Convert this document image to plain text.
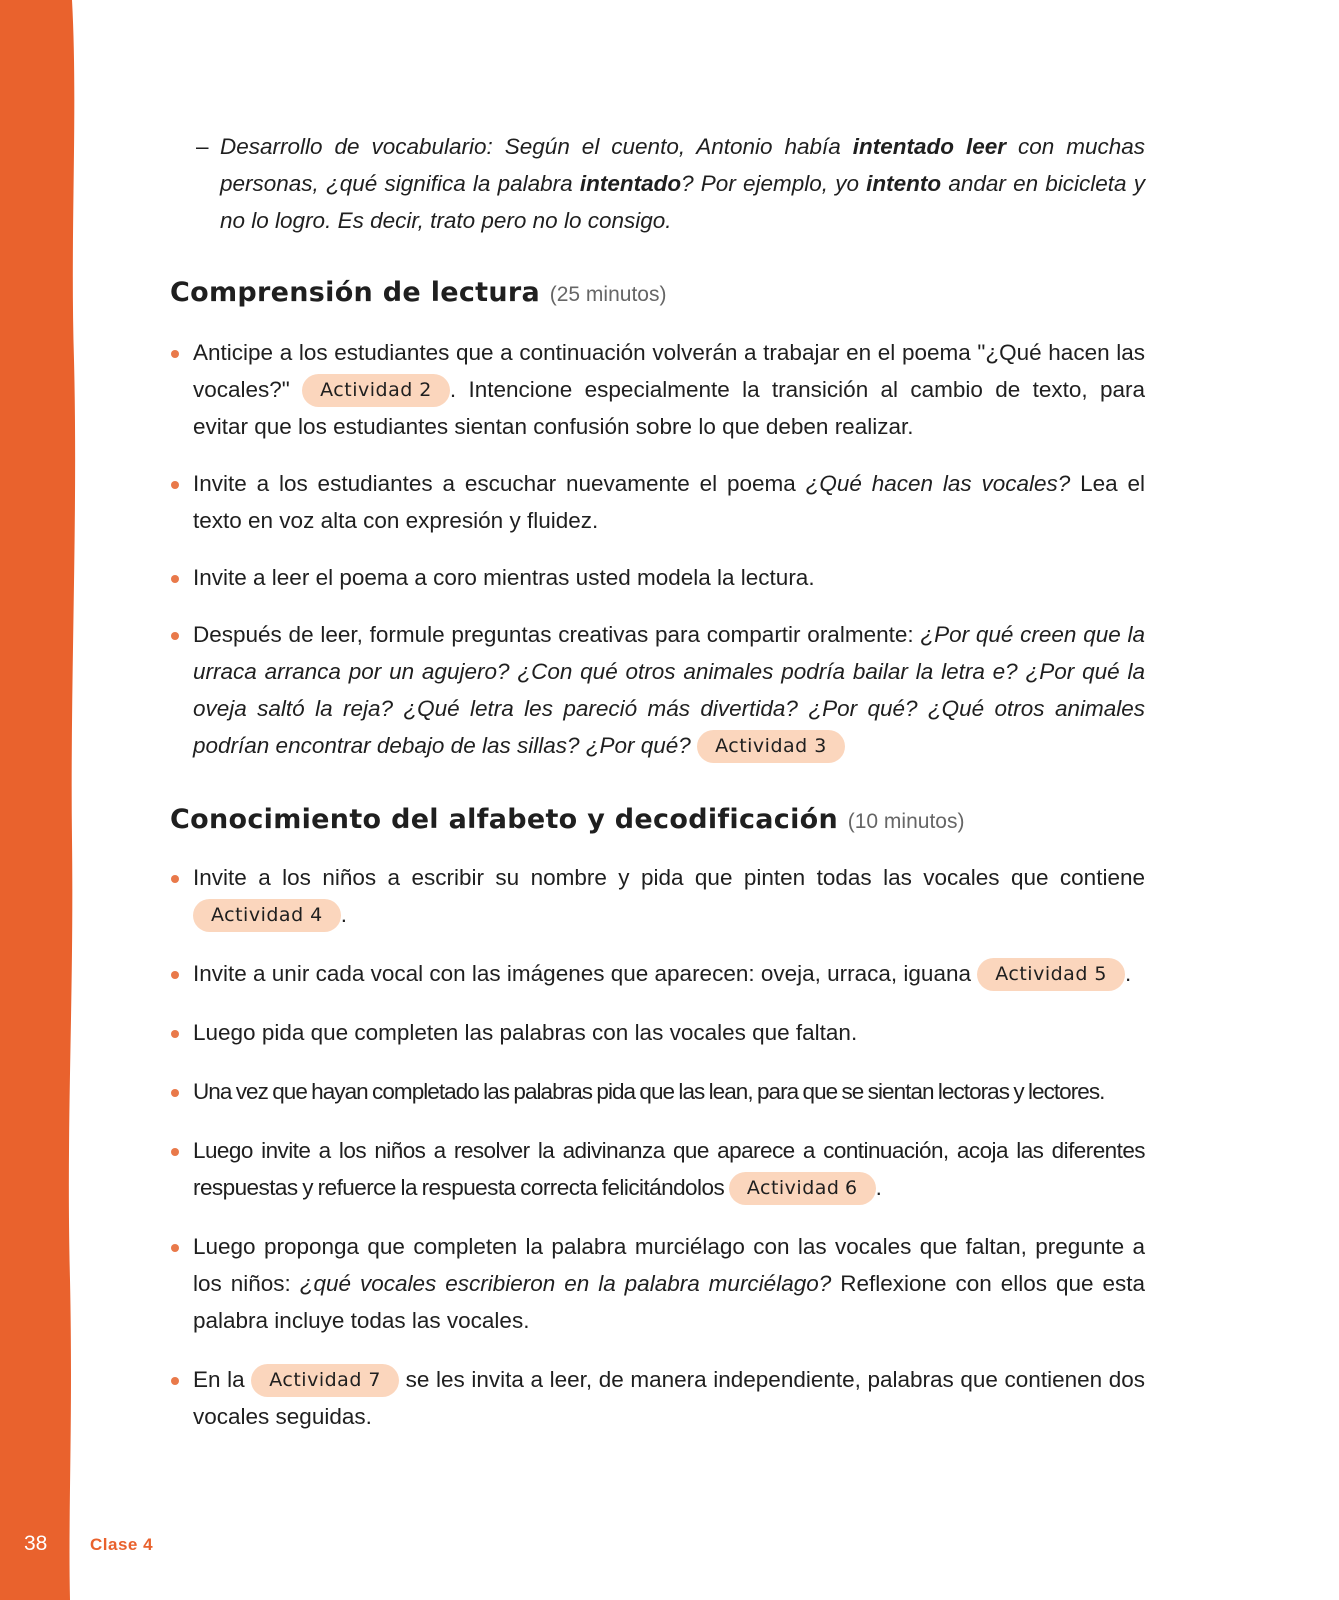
– Desarrollo de vocabulario: Según el cuento, Antonio había intentado leer con muchas personas, ¿qué significa la palabra intentado? Por ejemplo, yo intento andar en bicicleta y no lo logro. Es decir, trato pero no lo consigo.
Comprensión de lectura (25 minutos)
Anticipe a los estudiantes que a continuación volverán a trabajar en el poema "¿Qué hacen las vocales?" Actividad 2 . Intencione especialmente la transición al cambio de texto, para evitar que los estudiantes sientan confusión sobre lo que deben realizar.
Invite a los estudiantes a escuchar nuevamente el poema ¿Qué hacen las vocales? Lea el texto en voz alta con expresión y fluidez.
Invite a leer el poema a coro mientras usted modela la lectura.
Después de leer, formule preguntas creativas para compartir oralmente: ¿Por qué creen que la urraca arranca por un agujero? ¿Con qué otros animales podría bailar la letra e? ¿Por qué la oveja saltó la reja? ¿Qué letra les pareció más divertida? ¿Por qué? ¿Qué otros animales podrían encontrar debajo de las sillas? ¿Por qué? Actividad 3
Conocimiento del alfabeto y decodificación (10 minutos)
Invite a los niños a escribir su nombre y pida que pinten todas las vocales que contiene Actividad 4 .
Invite a unir cada vocal con las imágenes que aparecen: oveja, urraca, iguana Actividad 5 .
Luego pida que completen las palabras con las vocales que faltan.
Una vez que hayan completado las palabras pida que las lean, para que se sientan lectoras y lectores.
Luego invite a los niños a resolver la adivinanza que aparece a continuación, acoja las diferentes respuestas y refuerce la respuesta correcta felicitándolos Actividad 6 .
Luego proponga que completen la palabra murciélago con las vocales que faltan, pregunte a los niños: ¿qué vocales escribieron en la palabra murciélago? Reflexione con ellos que esta palabra incluye todas las vocales.
En la Actividad 7 se les invita a leer, de manera independiente, palabras que contienen dos vocales seguidas.
38	Clase 4
